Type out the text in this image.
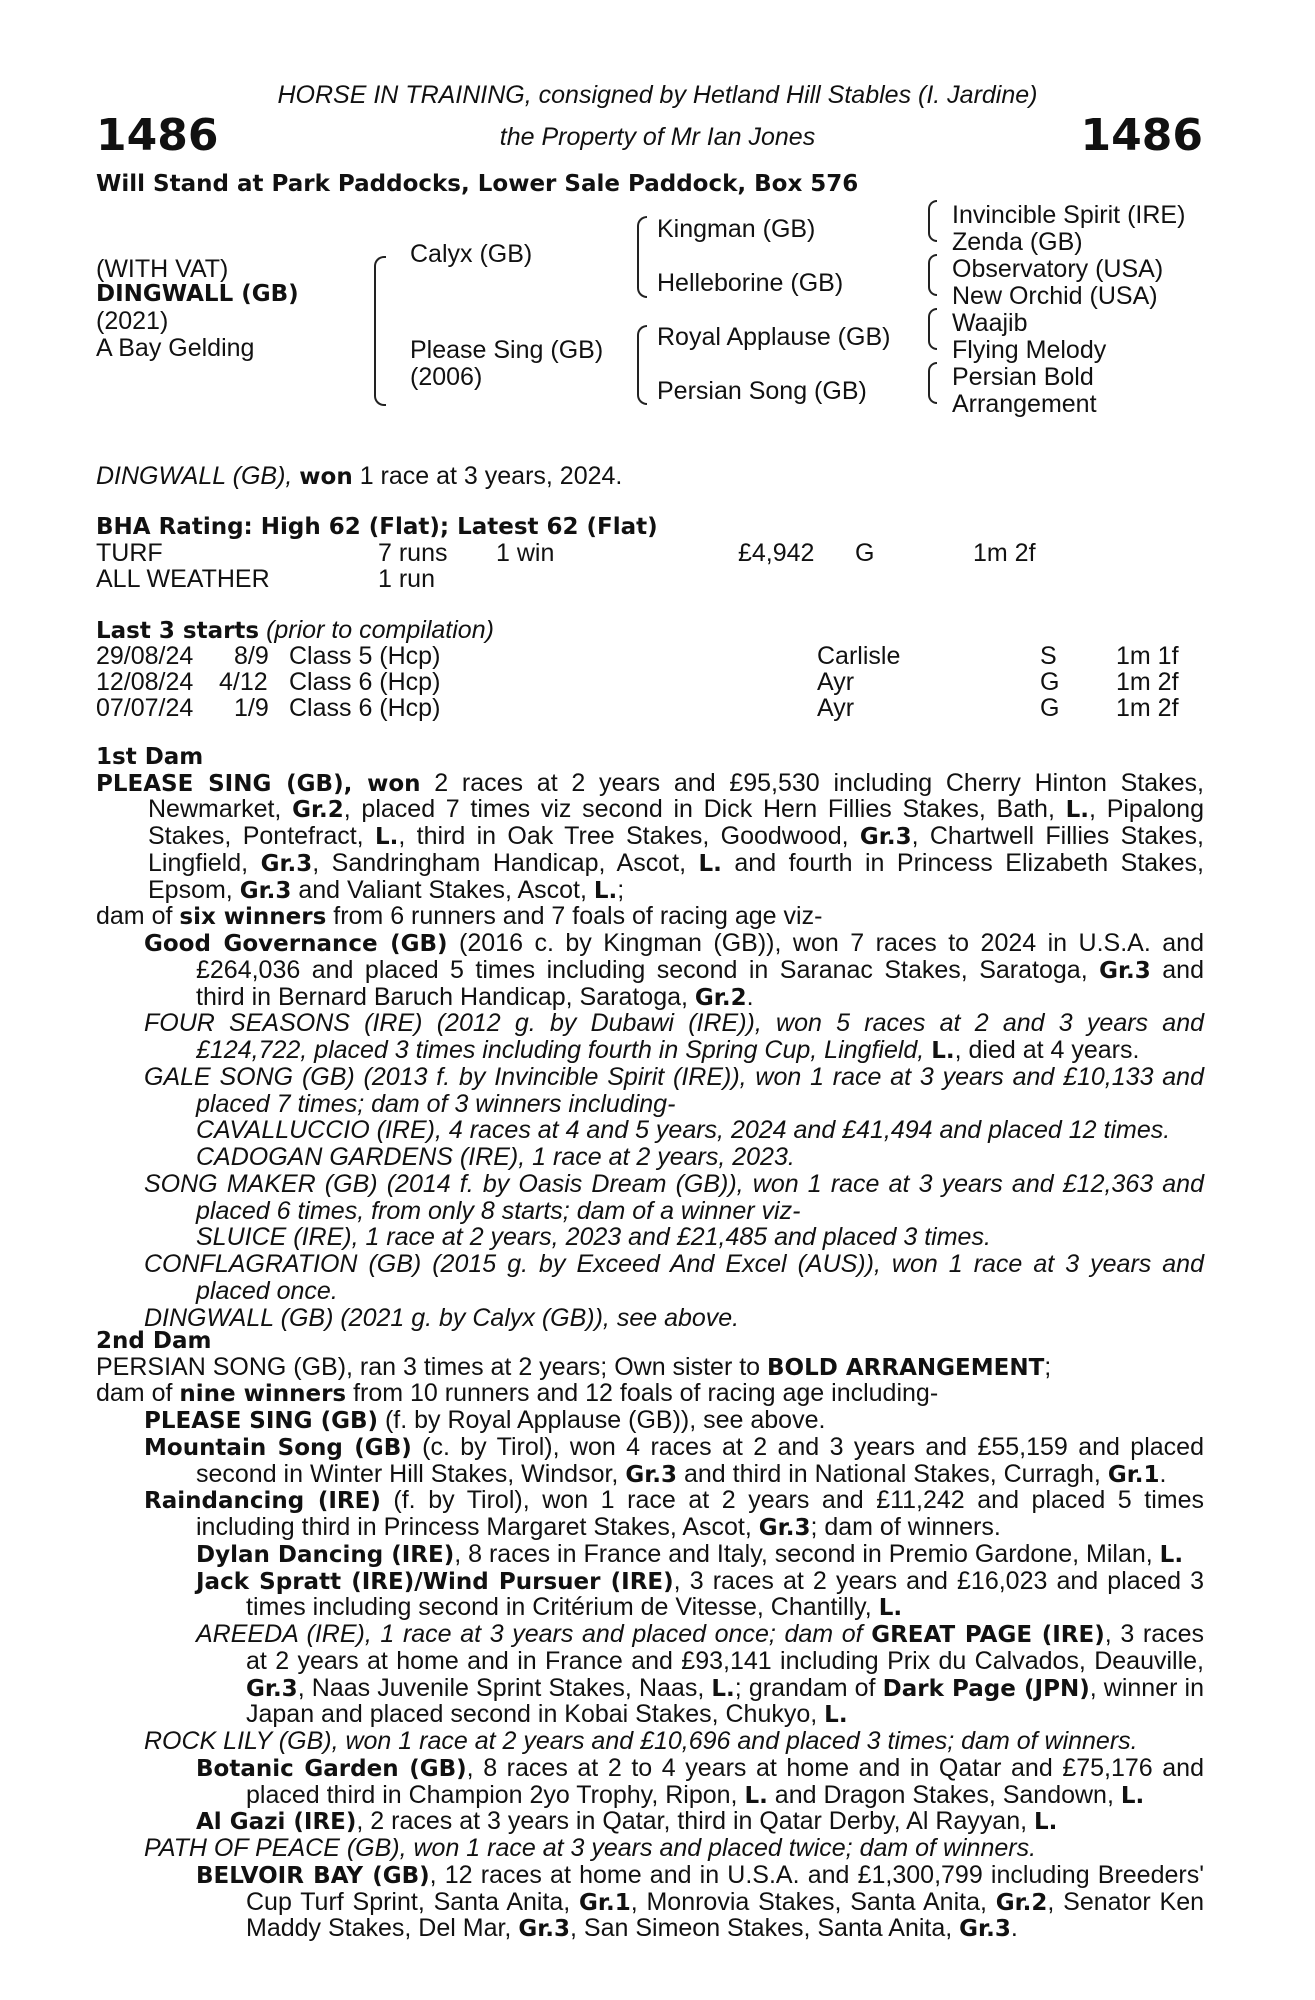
HORSE IN TRAINING, consigned by Hetland Hill Stables (I. Jardine)
the Property of Mr Ian Jones
1486	1486
Will Stand at Park Paddocks, Lower Sale Paddock, Box 576
(WITH VAT)
DINGWALL (GB)
(2021)
A Bay Gelding
Calyx (GB)
Please Sing (GB)
(2006)
Kingman (GB)
Helleborine (GB)
Royal Applause (GB)
Persian Song (GB)
Invincible Spirit (IRE)
Zenda (GB)
Observatory (USA)
New Orchid (USA)
Waajib
Flying Melody
Persian Bold
Arrangement
DINGWALL (GB), won 1 race at 3 years, 2024.
BHA Rating: High 62 (Flat); Latest 62 (Flat)
TURF	7 runs 1 win	£4,942 G	1m 2f
ALL WEATHER	1 run
Last 3 starts (prior to compilation)
29/08/24 8/9 Class 5 (Hcp)	Carlisle	S 1m 1f
12/08/24 4/12 Class 6 (Hcp)	Ayr	G 1m 2f
07/07/24 1/9 Class 6 (Hcp)	Ayr	G 1m 2f

1st Dam

PLEASE SING (GB), won 2 races at 2 years and £95,530 including Cherry Hinton Stakes, Newmarket, Gr.2, placed 7 times viz second in Dick Hern Fillies Stakes, Bath, L., Pipalong Stakes, Pontefract, L., third in Oak Tree Stakes, Goodwood, Gr.3, Chartwell Fillies Stakes, Lingfield, Gr.3, Sandringham Handicap, Ascot, L. and fourth in Princess Elizabeth Stakes, Epsom, Gr.3 and Valiant Stakes, Ascot, L.;

dam of six winners from 6 runners and 7 foals of racing age viz-

Good Governance (GB) (2016 c. by Kingman (GB)), won 7 races to 2024 in U.S.A. and £264,036 and placed 5 times including second in Saranac Stakes, Saratoga, Gr.3 and third in Bernard Baruch Handicap, Saratoga, Gr.2.

FOUR SEASONS (IRE) (2012 g. by Dubawi (IRE)), won 5 races at 2 and 3 years and £124,722, placed 3 times including fourth in Spring Cup, Lingfield, L., died at 4 years.

GALE SONG (GB) (2013 f. by Invincible Spirit (IRE)), won 1 race at 3 years and £10,133 and placed 7 times; dam of 3 winners including-

CAVALLUCCIO (IRE), 4 races at 4 and 5 years, 2024 and £41,494 and placed 12 times.

CADOGAN GARDENS (IRE), 1 race at 2 years, 2023.

SONG MAKER (GB) (2014 f. by Oasis Dream (GB)), won 1 race at 3 years and £12,363 and placed 6 times, from only 8 starts; dam of a winner viz-

SLUICE (IRE), 1 race at 2 years, 2023 and £21,485 and placed 3 times.

CONFLAGRATION (GB) (2015 g. by Exceed And Excel (AUS)), won 1 race at 3 years and placed once.

DINGWALL (GB) (2021 g. by Calyx (GB)), see above.

2nd Dam

PERSIAN SONG (GB), ran 3 times at 2 years; Own sister to BOLD ARRANGEMENT;

dam of nine winners from 10 runners and 12 foals of racing age including-

PLEASE SING (GB) (f. by Royal Applause (GB)), see above.

Mountain Song (GB) (c. by Tirol), won 4 races at 2 and 3 years and £55,159 and placed second in Winter Hill Stakes, Windsor, Gr.3 and third in National Stakes, Curragh, Gr.1.

Raindancing (IRE) (f. by Tirol), won 1 race at 2 years and £11,242 and placed 5 times including third in Princess Margaret Stakes, Ascot, Gr.3; dam of winners.

Dylan Dancing (IRE), 8 races in France and Italy, second in Premio Gardone, Milan, L.

Jack Spratt (IRE)/Wind Pursuer (IRE), 3 races at 2 years and £16,023 and placed 3 times including second in Critérium de Vitesse, Chantilly, L.

AREEDA (IRE), 1 race at 3 years and placed once; dam of GREAT PAGE (IRE), 3 races at 2 years at home and in France and £93,141 including Prix du Calvados, Deauville, Gr.3, Naas Juvenile Sprint Stakes, Naas, L.; grandam of Dark Page (JPN), winner in Japan and placed second in Kobai Stakes, Chukyo, L.

ROCK LILY (GB), won 1 race at 2 years and £10,696 and placed 3 times; dam of winners.

Botanic Garden (GB), 8 races at 2 to 4 years at home and in Qatar and £75,176 and placed third in Champion 2yo Trophy, Ripon, L. and Dragon Stakes, Sandown, L.

Al Gazi (IRE), 2 races at 3 years in Qatar, third in Qatar Derby, Al Rayyan, L.

PATH OF PEACE (GB), won 1 race at 3 years and placed twice; dam of winners.

BELVOIR BAY (GB), 12 races at home and in U.S.A. and £1,300,799 including Breeders' Cup Turf Sprint, Santa Anita, Gr.1, Monrovia Stakes, Santa Anita, Gr.2, Senator Ken Maddy Stakes, Del Mar, Gr.3, San Simeon Stakes, Santa Anita, Gr.3.
